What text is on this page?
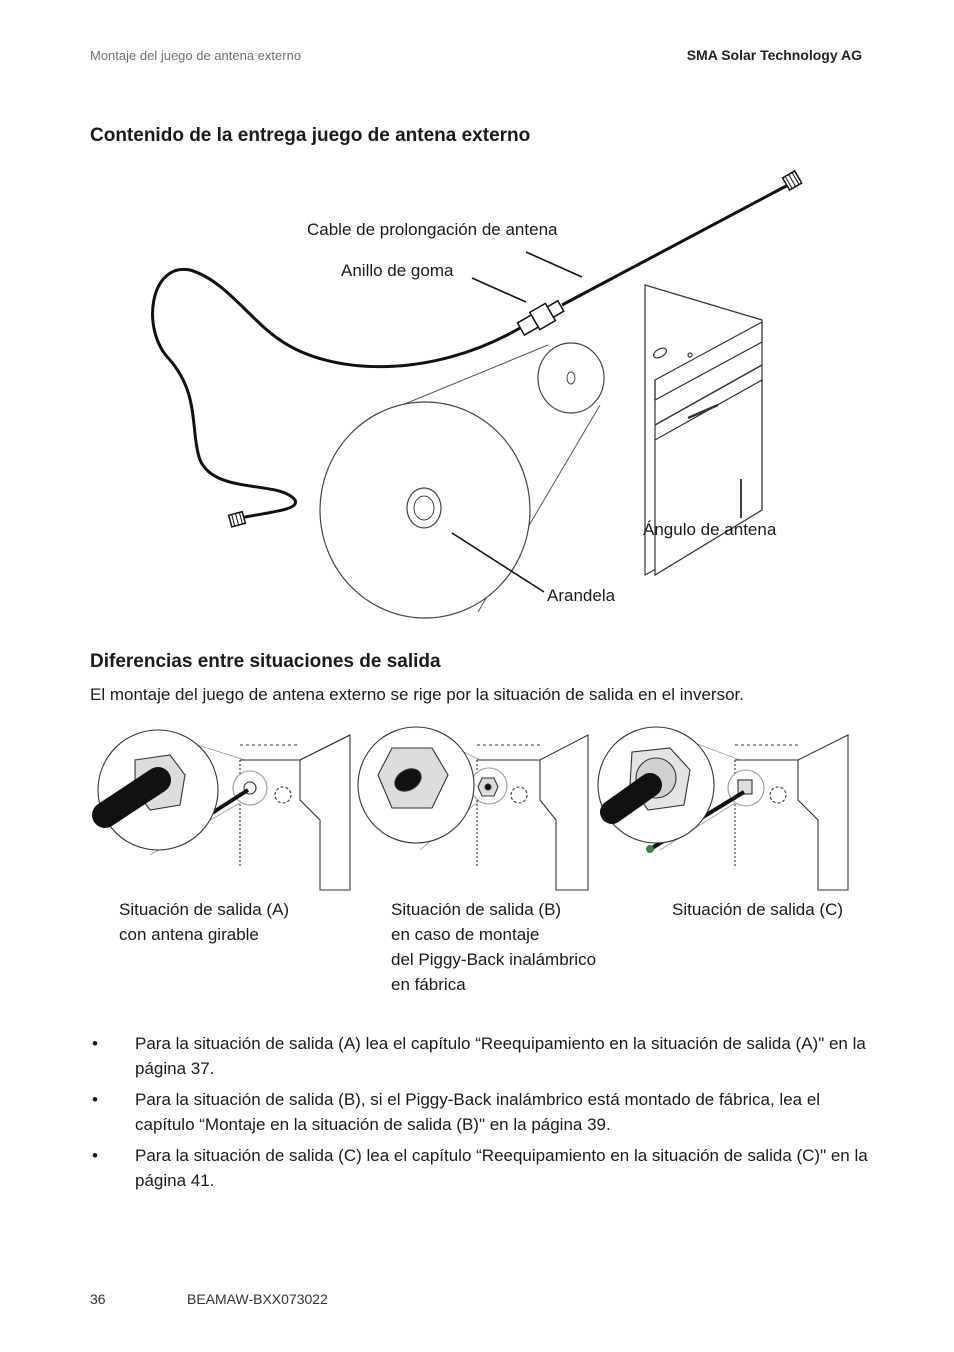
Montaje del juego de antena externo	SMA Solar Technology AG
Contenido de la entrega juego de antena externo
Cable de prolongación de antena
Anillo de goma
Ángulo de antena
Arandela
Diferencias entre situaciones de salida
El montaje del juego de antena externo se rige por la situación de salida en el inversor.
Situación de salida (A)
con antena girable
Situación de salida (B)
en caso de montaje
del Piggy-Back inalámbrico
en fábrica
Situación de salida (C)
• Para la situación de salida (A) lea el capítulo “Reequipamiento en la situación de salida (A)" en la página 37.
• Para la situación de salida (B), si el Piggy-Back inalámbrico está montado de fábrica, lea el capítulo “Montaje en la situación de salida (B)" en la página 39.
• Para la situación de salida (C) lea el capítulo “Reequipamiento en la situación de salida (C)" en la página 41.
36	BEAMAW-BXX073022
